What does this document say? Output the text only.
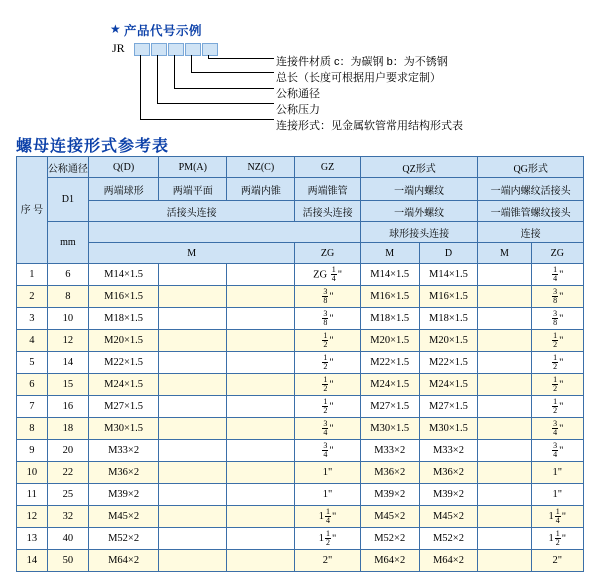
★ 产品代号示例
JR
连接件材质 c：为碳钢 b：为不锈钢
总长（长度可根据用户要求定制）
公称通径
公称压力
连接形式：见金属软管常用结构形式表
螺母连接形式参考表
序 号	公称通径	Q(D)	PM(A)	NZ(C)	GZ	QZ形式		QG形式	
	D1	两端球形	两端平面	两端内锥	两端锥管	一端内螺纹		一端内螺纹活接头	
		活接头连接			活接头连接	一端外螺纹		一端锥管螺纹接头	
	mm					球形接头连接		连接	
		M			ZG	M	D	M	ZG
1	6	M14×1.5			ZG $\frac{1}{4}$ "	M14×1.5	M14×1.5		$\frac{1}{4}$ "
2	8	M16×1.5			$\frac{3}{8}$ "	M16×1.5	M16×1.5		$\frac{3}{8}$ "
3	10	M18×1.5			$\frac{3}{8}$ "	M18×1.5	M18×1.5		$\frac{3}{8}$ "
4	12	M20×1.5			$\frac{1}{2}$ "	M20×1.5	M20×1.5		$\frac{1}{2}$ "
5	14	M22×1.5			$\frac{1}{2}$ "	M22×1.5	M22×1.5		$\frac{1}{2}$ "
6	15	M24×1.5			$\frac{1}{2}$ "	M24×1.5	M24×1.5		$\frac{1}{2}$ "
7	16	M27×1.5			$\frac{1}{2}$ "	M27×1.5	M27×1.5		$\frac{1}{2}$ "
8	18	M30×1.5			$\frac{3}{4}$ "	M30×1.5	M30×1.5		$\frac{3}{4}$ "
9	20	M33×2			$\frac{3}{4}$ "	M33×2	M33×2		$\frac{3}{4}$ "
10	22	M36×2			1"	M36×2	M36×2		1"
11	25	M39×2			1"	M39×2	M39×2		1"
12	32	M45×2			$1 \frac{1}{4}$ "	M45×2	M45×2		$1 \frac{1}{4}$ "
13	40	M52×2			$1 \frac{1}{2}$ "	M52×2	M52×2		$1 \frac{1}{2}$ "
14	50	M64×2			2"	M64×2	M64×2		2"
